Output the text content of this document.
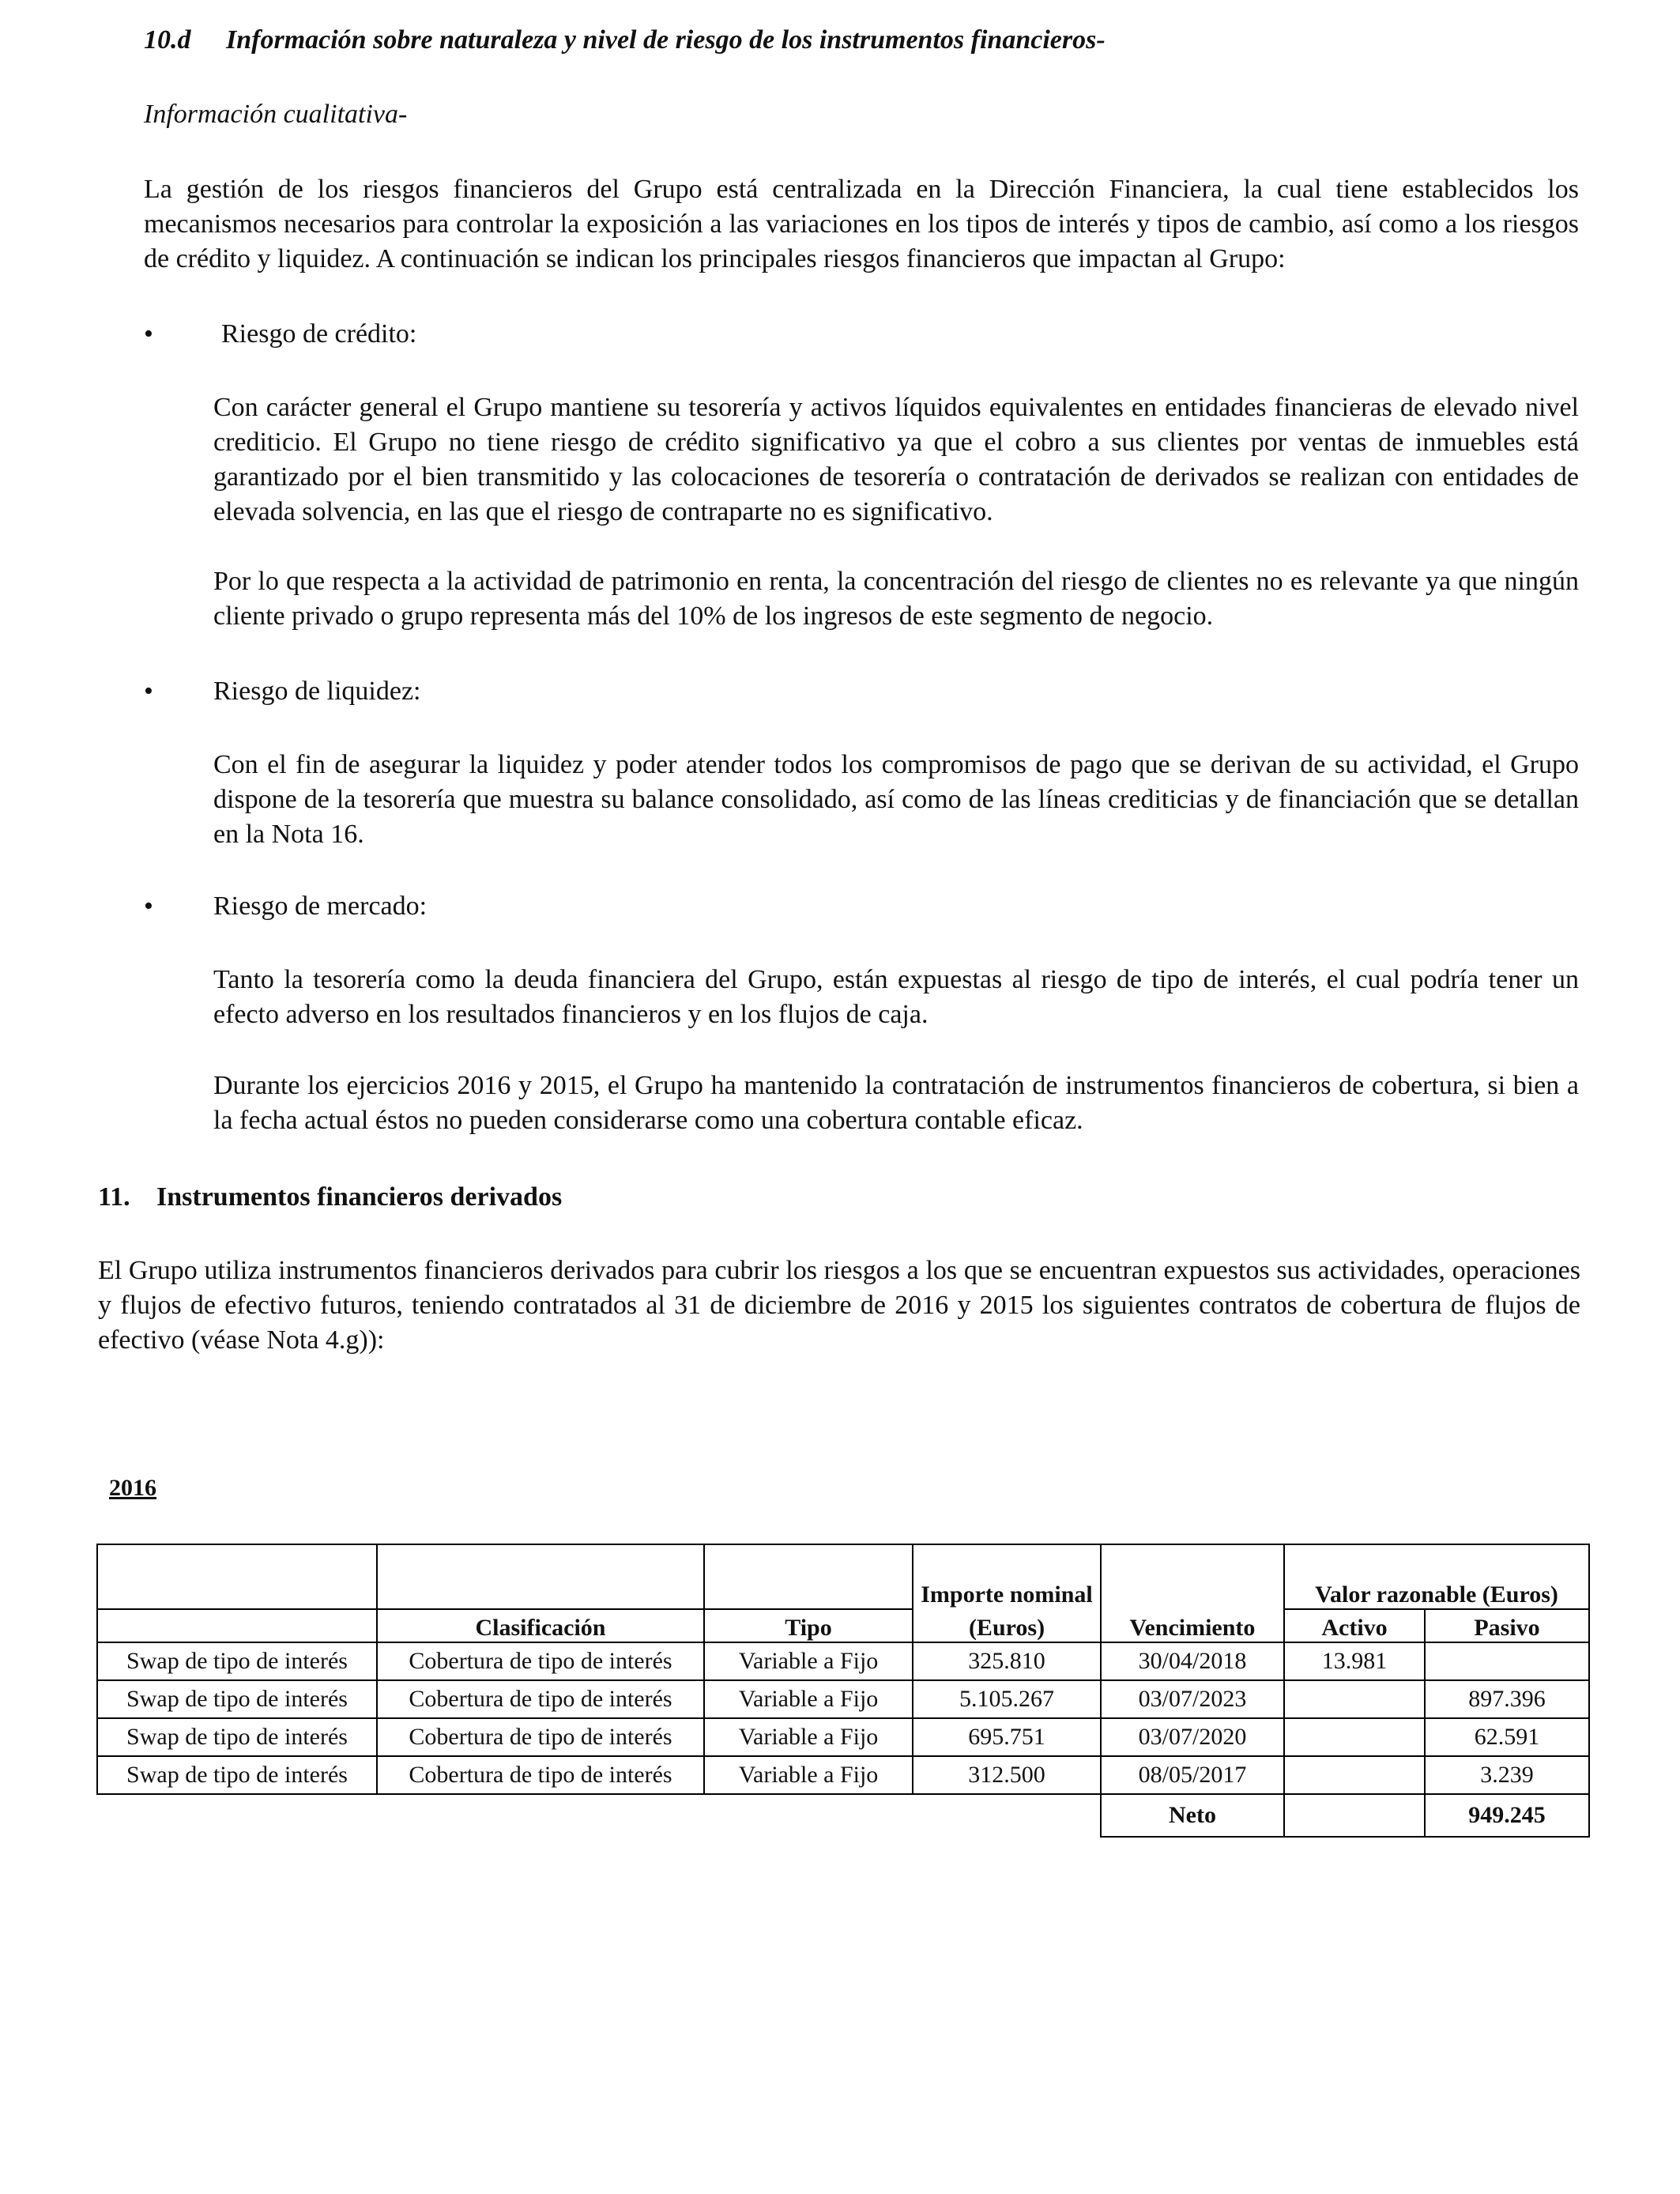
10.d Información sobre naturaleza y nivel de riesgo de los instrumentos financieros-
Información cualitativa-
La gestión de los riesgos financieros del Grupo está centralizada en la Dirección Financiera, la cual tiene establecidos los mecanismos necesarios para controlar la exposición a las variaciones en los tipos de interés y tipos de cambio, así como a los riesgos de crédito y liquidez. A continuación se indican los principales riesgos financieros que impactan al Grupo:
•	Riesgo de crédito:
Con carácter general el Grupo mantiene su tesorería y activos líquidos equivalentes en entidades financieras de elevado nivel crediticio. El Grupo no tiene riesgo de crédito significativo ya que el cobro a sus clientes por ventas de inmuebles está garantizado por el bien transmitido y las colocaciones de tesorería o contratación de derivados se realizan con entidades de elevada solvencia, en las que el riesgo de contraparte no es significativo.
Por lo que respecta a la actividad de patrimonio en renta, la concentración del riesgo de clientes no es relevante ya que ningún cliente privado o grupo representa más del 10% de los ingresos de este segmento de negocio.
• Riesgo de liquidez:
Con el fin de asegurar la liquidez y poder atender todos los compromisos de pago que se derivan de su actividad, el Grupo dispone de la tesorería que muestra su balance consolidado, así como de las líneas crediticias y de financiación que se detallan en la Nota 16.
• Riesgo de mercado:
Tanto la tesorería como la deuda financiera del Grupo, están expuestas al riesgo de tipo de interés, el cual podría tener un efecto adverso en los resultados financieros y en los flujos de caja.
Durante los ejercicios 2016 y 2015, el Grupo ha mantenido la contratación de instrumentos financieros de cobertura, si bien a la fecha actual éstos no pueden considerarse como una cobertura contable eficaz.
11. Instrumentos financieros derivados
El Grupo utiliza instrumentos financieros derivados para cubrir los riesgos a los que se encuentran expuestos sus actividades, operaciones y flujos de efectivo futuros, teniendo contratados al 31 de diciembre de 2016 y 2015 los siguientes contratos de cobertura de flujos de efectivo (véase Nota 4.g)):
2016
			Importe nominal		Valor razonable (Euros)	
	Clasificación	Tipo	(Euros)	Vencimiento	Activo	Pasivo
Swap de tipo de interés	Cobertura de tipo de interés	Variable a Fijo	325.810	30/04/2018	13.981	
Swap de tipo de interés	Cobertura de tipo de interés	Variable a Fijo	5.105.267	03/07/2023		897.396
Swap de tipo de interés	Cobertura de tipo de interés	Variable a Fijo	695.751	03/07/2020		62.591
Swap de tipo de interés	Cobertura de tipo de interés	Variable a Fijo	312.500	08/05/2017		3.239
				Neto		949.245
